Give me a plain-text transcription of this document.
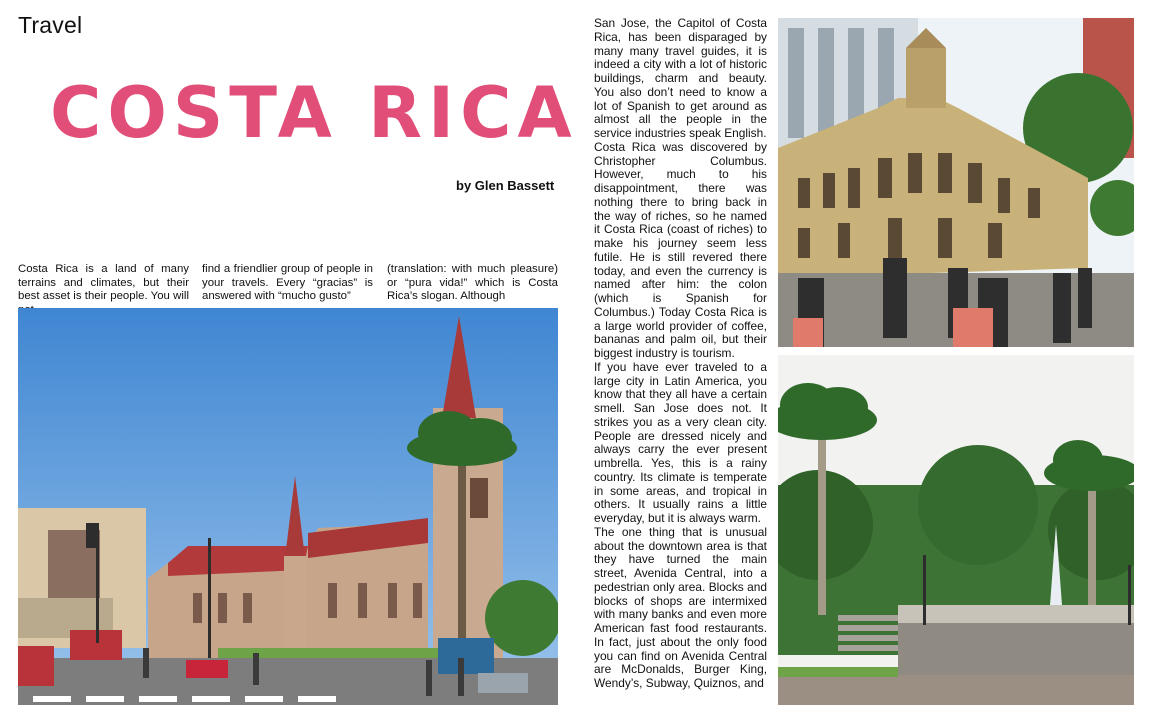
Travel
COSTA RICA
by Glen Bassett

Costa Rica is a land of many terrains and climates, but their best asset is their people. You will

find a friendlier group of people in your travels. Every “gracias” is answered with “mucho gusto”

(translation: with much pleasure) or “pura vida!” which is Costa Rica’s slogan. Although

San Jose, the Capitol of Costa Rica, has been disparaged by many many travel guides, it is indeed a city with a lot of historic buildings, charm and beauty. You also don’t need to know a lot of Spanish to get around as almost all the people in the service industries speak English.

Costa Rica was discovered by Christopher Columbus. However, much to his disappointment, there was nothing there to bring back in the way of riches, so he named it Costa Rica (coast of riches) to make his journey seem less futile. He is still revered there today, and even the currency is named after him: the colon (which is Spanish for Columbus.) Today Costa Rica is a large world provider of coffee, bananas and palm oil, but their biggest industry is tourism.

If you have ever traveled to a large city in Latin America, you know that they all have a certain smell. San Jose does not. It strikes you as a very clean city. People are dressed nicely and always carry the ever present umbrella. Yes, this is a rainy country. Its climate is temperate in some areas, and tropical in others. It usually rains a little everyday, but it is always warm.

The one thing that is unusual about the downtown area is that they have turned the main street, Avenida Central, into a pedestrian only area. Blocks and blocks of shops are intermixed with many banks and even more American fast food restaurants. In fact, just about the only food you can find on Avenida Central are McDonalds, Burger King, Wendy’s, Subway, Quiznos, and
